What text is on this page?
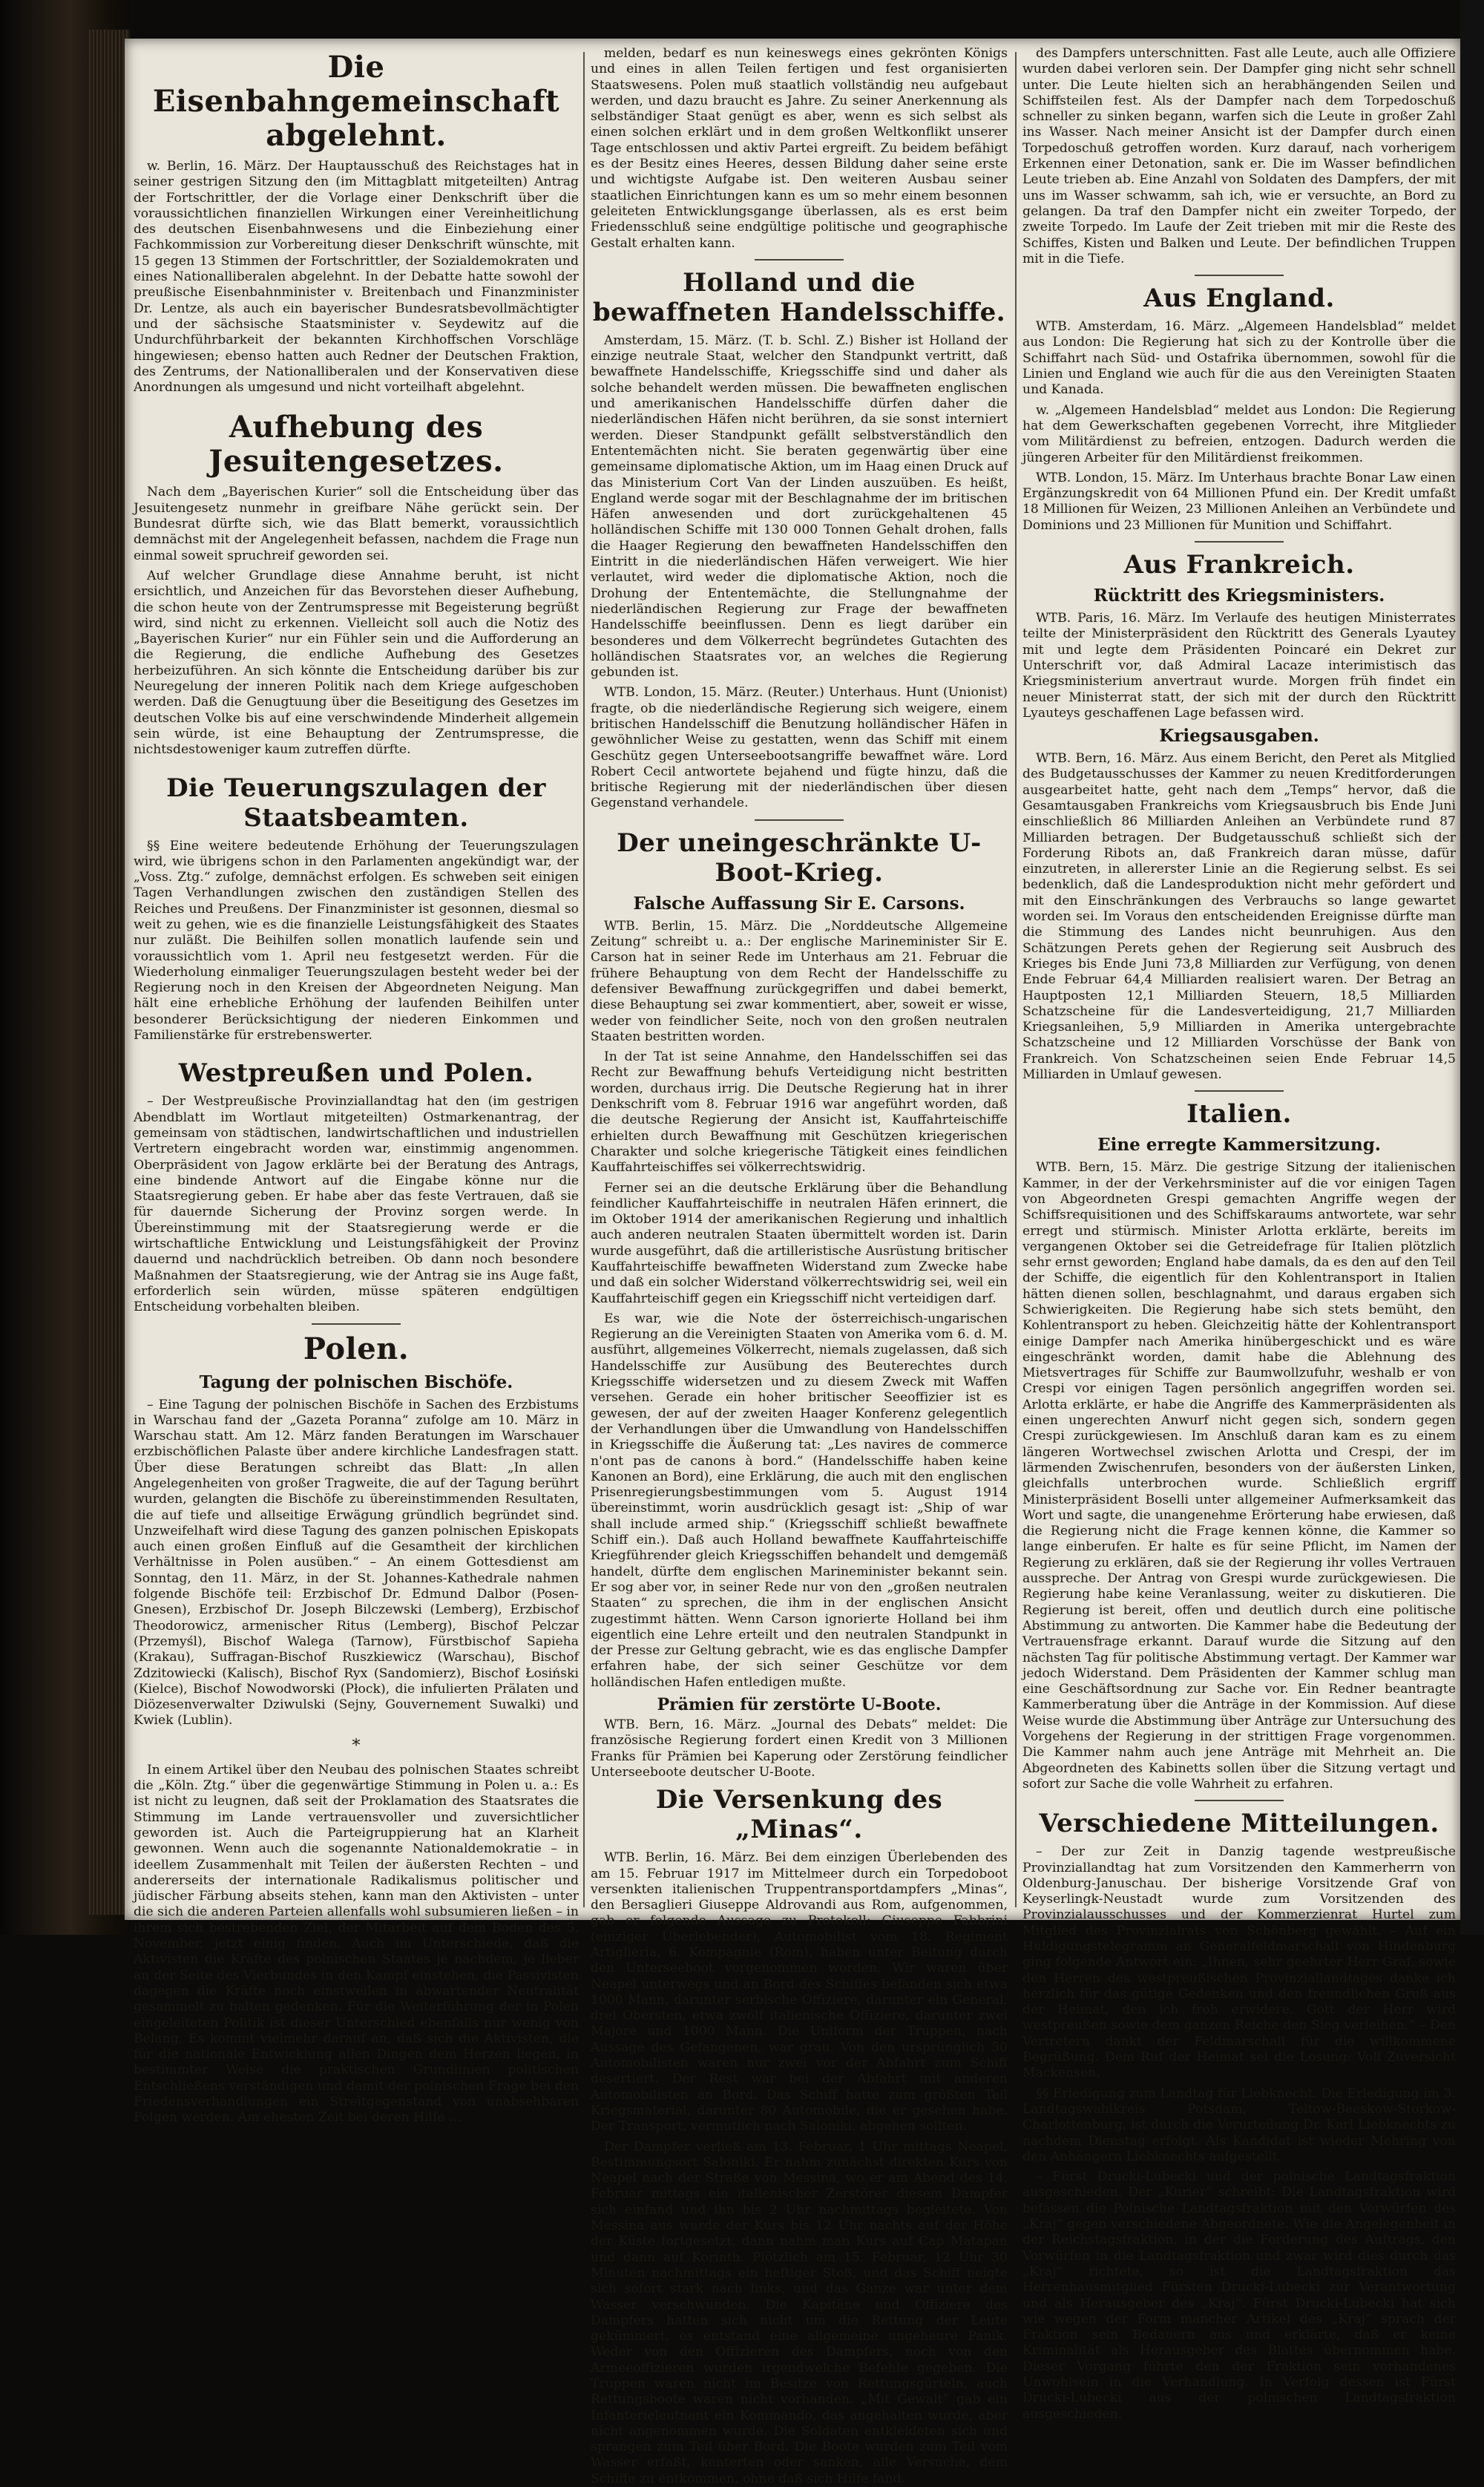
Die Eisenbahngemeinschaft abgelehnt.

w. Berlin, 16. März. Der Hauptausschuß des Reichstages hat in seiner gestrigen Sitzung den (im Mittagblatt mitgeteilten) Antrag der Fortschrittler, der die Vorlage einer Denkschrift über die voraussichtlichen finanziellen Wirkungen einer Vereinheitlichung des deutschen Eisenbahnwesens und die Einbeziehung einer Fachkommission zur Vorbereitung dieser Denkschrift wünschte, mit 15 gegen 13 Stimmen der Fortschrittler, der Sozialdemokraten und eines Nationalliberalen abgelehnt. In der Debatte hatte sowohl der preußische Eisenbahnminister v. Breitenbach und Finanzminister Dr. Lentze, als auch ein bayerischer Bundesratsbevollmächtigter und der sächsische Staatsminister v. Seydewitz auf die Undurchführbarkeit der bekannten Kirchhoffschen Vorschläge hingewiesen; ebenso hatten auch Redner der Deutschen Fraktion, des Zentrums, der Nationalliberalen und der Konservativen diese Anordnungen als umgesund und nicht vorteilhaft abgelehnt.

Aufhebung des Jesuitengesetzes.

Nach dem „Bayerischen Kurier“ soll die Entscheidung über das Jesuitengesetz nunmehr in greifbare Nähe gerückt sein. Der Bundesrat dürfte sich, wie das Blatt bemerkt, voraussichtlich demnächst mit der Angelegenheit befassen, nachdem die Frage nun einmal soweit spruchreif geworden sei.

Auf welcher Grundlage diese Annahme beruht, ist nicht ersichtlich, und Anzeichen für das Bevorstehen dieser Aufhebung, die schon heute von der Zentrumspresse mit Begeisterung begrüßt wird, sind nicht zu erkennen. Vielleicht soll auch die Notiz des „Bayerischen Kurier“ nur ein Fühler sein und die Aufforderung an die Regierung, die endliche Aufhebung des Gesetzes herbeizuführen. An sich könnte die Entscheidung darüber bis zur Neuregelung der inneren Politik nach dem Kriege aufgeschoben werden. Daß die Genugtuung über die Beseitigung des Gesetzes im deutschen Volke bis auf eine verschwindende Minderheit allgemein sein würde, ist eine Behauptung der Zentrumspresse, die nichtsdestoweniger kaum zutreffen dürfte.

Die Teuerungszulagen der Staatsbeamten.

§§ Eine weitere bedeutende Erhöhung der Teuerungszulagen wird, wie übrigens schon in den Parlamenten angekündigt war, der „Voss. Ztg.“ zufolge, demnächst erfolgen. Es schweben seit einigen Tagen Verhandlungen zwischen den zuständigen Stellen des Reiches und Preußens. Der Finanzminister ist gesonnen, diesmal so weit zu gehen, wie es die finanzielle Leistungsfähigkeit des Staates nur zuläßt. Die Beihilfen sollen monatlich laufende sein und voraussichtlich vom 1. April neu festgesetzt werden. Für die Wiederholung einmaliger Teuerungszulagen besteht weder bei der Regierung noch in den Kreisen der Abgeordneten Neigung. Man hält eine erhebliche Erhöhung der laufenden Beihilfen unter besonderer Berücksichtigung der niederen Einkommen und Familienstärke für erstrebenswerter.

Westpreußen und Polen.

– Der Westpreußische Provinziallandtag hat den (im gestrigen Abendblatt im Wortlaut mitgeteilten) Ostmarkenantrag, der gemeinsam von städtischen, landwirtschaftlichen und industriellen Vertretern eingebracht worden war, einstimmig angenommen. Oberpräsident von Jagow erklärte bei der Beratung des Antrags, eine bindende Antwort auf die Eingabe könne nur die Staatsregierung geben. Er habe aber das feste Vertrauen, daß sie für dauernde Sicherung der Provinz sorgen werde. In Übereinstimmung mit der Staatsregierung werde er die wirtschaftliche Entwicklung und Leistungsfähigkeit der Provinz dauernd und nachdrücklich betreiben. Ob dann noch besondere Maßnahmen der Staatsregierung, wie der Antrag sie ins Auge faßt, erforderlich sein würden, müsse späteren endgültigen Entscheidung vorbehalten bleiben.

Polen.
Tagung der polnischen Bischöfe.

– Eine Tagung der polnischen Bischöfe in Sachen des Erzbistums in Warschau fand der „Gazeta Poranna“ zufolge am 10. März in Warschau statt. Am 12. März fanden Beratungen im Warschauer erzbischöflichen Palaste über andere kirchliche Landesfragen statt. Über diese Beratungen schreibt das Blatt: „In allen Angelegenheiten von großer Tragweite, die auf der Tagung berührt wurden, gelangten die Bischöfe zu übereinstimmenden Resultaten, die auf tiefe und allseitige Erwägung gründlich begründet sind. Unzweifelhaft wird diese Tagung des ganzen polnischen Episkopats auch einen großen Einfluß auf die Gesamtheit der kirchlichen Verhältnisse in Polen ausüben.“ – An einem Gottesdienst am Sonntag, den 11. März, in der St. Johannes-Kathedrale nahmen folgende Bischöfe teil: Erzbischof Dr. Edmund Dalbor (Posen-Gnesen), Erzbischof Dr. Joseph Bilczewski (Lemberg), Erzbischof Theodorowicz, armenischer Ritus (Lemberg), Bischof Pelczar (Przemyśl), Bischof Walega (Tarnow), Fürstbischof Sapieha (Krakau), Suffragan-Bischof Ruszkiewicz (Warschau), Bischof Zdzitowiecki (Kalisch), Bischof Ryx (Sandomierz), Bischof Łosiński (Kielce), Bischof Nowodworski (Płock), die infulierten Prälaten und Diözesenverwalter Dziwulski (Sejny, Gouvernement Suwalki) und Kwiek (Lublin).

*

In einem Artikel über den Neubau des polnischen Staates schreibt die „Köln. Ztg.“ über die gegenwärtige Stimmung in Polen u. a.: Es ist nicht zu leugnen, daß seit der Proklamation des Staatsrates die Stimmung im Lande vertrauensvoller und zuversichtlicher geworden ist. Auch die Parteigruppierung hat an Klarheit gewonnen. Wenn auch die sogenannte Nationaldemokratie – in ideellem Zusammenhalt mit Teilen der äußersten Rechten – und andererseits der internationale Radikalismus politischer und jüdischer Färbung abseits stehen, kann man den Aktivisten – unter die sich die anderen Parteien allenfalls wohl subsumieren ließen – in ihrem sich bestrebenden Ziel, der Mitarbeit auf dem Boden des 5. November, jetzt einig finden. Auch im Unterschiede, daß die Aktivisten die Kräfte des polnischen Staates je nachdem, je lieber an der Seite des Vierbundes in den Kampf einstehen, die Passivisten dagegen die Kräfte noch einstweilen in abwartender Neutralität gesammelt zu halten gedenken. Für die Weiterführung der in Polen eingeleiteten Politik ist dieser Unterschied ebenfalls nur wenig von Belang. Es kommt vielmehr darauf an, daß sich die Aktivisten, die für die nationale Entwicklung allen Dingen dem Herzen liegen, in bestimmter Weise die praktischen Grundlinien politischen Entschließens verständigen und damit der polnischen Frage bei den Friedensverhandlungen ein Streitgegenstand von unabsehbaren Folgen werden. Am ehesten Zeit bei deren Hilfe ...

melden, bedarf es nun keineswegs eines gekrönten Königs und eines in allen Teilen fertigen und fest organisierten Staatswesens. Polen muß staatlich vollständig neu aufgebaut werden, und dazu braucht es Jahre. Zu seiner Anerkennung als selbständiger Staat genügt es aber, wenn es sich selbst als einen solchen erklärt und in dem großen Weltkonflikt unserer Tage entschlossen und aktiv Partei ergreift. Zu beidem befähigt es der Besitz eines Heeres, dessen Bildung daher seine erste und wichtigste Aufgabe ist. Den weiteren Ausbau seiner staatlichen Einrichtungen kann es um so mehr einem besonnen geleiteten Entwicklungsgange überlassen, als es erst beim Friedensschluß seine endgültige politische und geographische Gestalt erhalten kann.

Holland und die bewaffneten Handelsschiffe.

Amsterdam, 15. März. (T. b. Schl. Z.) Bisher ist Holland der einzige neutrale Staat, welcher den Standpunkt vertritt, daß bewaffnete Handelsschiffe, Kriegsschiffe sind und daher als solche behandelt werden müssen. Die bewaffneten englischen und amerikanischen Handelsschiffe dürfen daher die niederländischen Häfen nicht berühren, da sie sonst interniert werden. Dieser Standpunkt gefällt selbstverständlich den Ententemächten nicht. Sie beraten gegenwärtig über eine gemeinsame diplomatische Aktion, um im Haag einen Druck auf das Ministerium Cort Van der Linden auszuüben. Es heißt, England werde sogar mit der Beschlagnahme der im britischen Häfen anwesenden und dort zurückgehaltenen 45 holländischen Schiffe mit 130 000 Tonnen Gehalt drohen, falls die Haager Regierung den bewaffneten Handelsschiffen den Eintritt in die niederländischen Häfen verweigert. Wie hier verlautet, wird weder die diplomatische Aktion, noch die Drohung der Ententemächte, die Stellungnahme der niederländischen Regierung zur Frage der bewaffneten Handelsschiffe beeinflussen. Denn es liegt darüber ein besonderes und dem Völkerrecht begründetes Gutachten des holländischen Staatsrates vor, an welches die Regierung gebunden ist.

WTB. London, 15. März. (Reuter.) Unterhaus. Hunt (Unionist) fragte, ob die niederländische Regierung sich weigere, einem britischen Handelsschiff die Benutzung holländischer Häfen in gewöhnlicher Weise zu gestatten, wenn das Schiff mit einem Geschütz gegen Unterseebootsangriffe bewaffnet wäre. Lord Robert Cecil antwortete bejahend und fügte hinzu, daß die britische Regierung mit der niederländischen über diesen Gegenstand verhandele.

Der uneingeschränkte U-Boot-Krieg.
Falsche Auffassung Sir E. Carsons.

WTB. Berlin, 15. März. Die „Norddeutsche Allgemeine Zeitung“ schreibt u. a.: Der englische Marineminister Sir E. Carson hat in seiner Rede im Unterhaus am 21. Februar die frühere Behauptung von dem Recht der Handelsschiffe zu defensiver Bewaffnung zurückgegriffen und dabei bemerkt, diese Behauptung sei zwar kommentiert, aber, soweit er wisse, weder von feindlicher Seite, noch von den großen neutralen Staaten bestritten worden.

In der Tat ist seine Annahme, den Handelsschiffen sei das Recht zur Bewaffnung behufs Verteidigung nicht bestritten worden, durchaus irrig. Die Deutsche Regierung hat in ihrer Denkschrift vom 8. Februar 1916 war angeführt worden, daß die deutsche Regierung der Ansicht ist, Kauffahrteischiffe erhielten durch Bewaffnung mit Geschützen kriegerischen Charakter und solche kriegerische Tätigkeit eines feindlichen Kauffahrteischiffes sei völkerrechtswidrig.

Ferner sei an die deutsche Erklärung über die Behandlung feindlicher Kauffahrteischiffe in neutralen Häfen erinnert, die im Oktober 1914 der amerikanischen Regierung und inhaltlich auch anderen neutralen Staaten übermittelt worden ist. Darin wurde ausgeführt, daß die artilleristische Ausrüstung britischer Kauffahrteischiffe bewaffneten Widerstand zum Zwecke habe und daß ein solcher Widerstand völkerrechtswidrig sei, weil ein Kauffahrteischiff gegen ein Kriegsschiff nicht verteidigen darf.

Es war, wie die Note der österreichisch-ungarischen Regierung an die Vereinigten Staaten von Amerika vom 6. d. M. ausführt, allgemeines Völkerrecht, niemals zugelassen, daß sich Handelsschiffe zur Ausübung des Beuterechtes durch Kriegsschiffe widersetzen und zu diesem Zweck mit Waffen versehen. Gerade ein hoher britischer Seeoffizier ist es gewesen, der auf der zweiten Haager Konferenz gelegentlich der Verhandlungen über die Umwandlung von Handelsschiffen in Kriegsschiffe die Äußerung tat: „Les navires de commerce n'ont pas de canons à bord.“ (Handelsschiffe haben keine Kanonen an Bord), eine Erklärung, die auch mit den englischen Prisenregierungsbestimmungen vom 5. August 1914 übereinstimmt, worin ausdrücklich gesagt ist: „Ship of war shall include armed ship.“ (Kriegsschiff schließt bewaffnete Schiff ein.). Daß auch Holland bewaffnete Kauffahrteischiffe Kriegführender gleich Kriegsschiffen behandelt und demgemäß handelt, dürfte dem englischen Marineminister bekannt sein. Er sog aber vor, in seiner Rede nur von den „großen neutralen Staaten“ zu sprechen, die ihm in der englischen Ansicht zugestimmt hätten. Wenn Carson ignorierte Holland bei ihm eigentlich eine Lehre erteilt und den neutralen Standpunkt in der Presse zur Geltung gebracht, wie es das englische Dampfer erfahren habe, der sich seiner Geschütze vor dem holländischen Hafen entledigen mußte.

Prämien für zerstörte U-Boote.

WTB. Bern, 16. März. „Journal des Debats“ meldet: Die französische Regierung fordert einen Kredit von 3 Millionen Franks für Prämien bei Kaperung oder Zerstörung feindlicher Unterseeboote deutscher U-Boote.

Die Versenkung des „Minas“.

WTB. Berlin, 16. März. Bei dem einzigen Überlebenden des am 15. Februar 1917 im Mittelmeer durch ein Torpedoboot versenkten italienischen Truppentransportdampfers „Minas“, den Bersaglieri Giuseppe Aldrovandi aus Rom, aufgenommen, gab er folgende Aussage zu Protokoll: Giuseppe Fabbrini (einziger Überlebender), Automobilist vom 18. Regiment Artiglieria, 6. Kompagnie (Rom), haben unter Beitung durch den Unterseeboot vorgenommen worden. Wir waren über Neapel unterwegs und an Bord des Schiffes befanden sich etwa 1000 Mann, darunter serbische Offiziere, darunter ein General, drei Obersten, etwa zwölf italienische Offiziere, darunter zwei Majore und 1000 Mann. Die Uniform der Truppen, nach Aussage des Gefangenen, war grau. Von den ursprünglich 50 Automobilisten waren nur zwei vor der Abfahrt zum Schiff desertiert. Der Rest war bei der Abfahrt mit anderen Automobilisten an Bord. Das Schiff hatte zum größten Teil Kriegsmaterial, darunter 80 Automobile, die er gesehen habe. Der Transport, vermutlich nach Saloniki, abgehen sollten.

Der Dampfer verließ am 13. Februar, 1 Uhr mittags Neapel, Bestimmungsort Saloniki. Er nahm zunächst direkten Kurs von Neapel nach der Straße von Messina, wo er am Abend des 14. Februar mittags ein italienischer Zerstörer diesem Dampfer sich einfand und ihn bis 2 Uhr nachmittags begleitete. Von Messina aus wurde der Kurs bis 12 Uhr nachts auf der Höhe der Küste fortgesetzt, dann nahm man Kurs auf Cap Matapan und dann auf Korinth. Plötzlich am 15. Februar, 12 Uhr 30 Minuten nachmittags ein heftiger Stoß, und das Schiff neigte sich sofort stark nach links, und das Ganze war unter dem Wasser verschwunden. Die Kapitäne und Offiziere des Dampfers hatten sich nicht um die Rettung der Leute gekümmert, es entstand eine allgemeine ungeheure Panik. Weder von den Offizieren des Dampfers, noch von den Armeeoffizieren wurden irgendwelche Befehle gegeben. Die Truppen waren nicht im Besitze von Rettungsgürteln, auch Rettungsboote waren nicht vorhanden. „Mit Gewalt“ gab ein Infanterieleutnant ein Kommando, das angehalten wurde, aber nicht angenommen wurde. Die Soldaten entkleideten sich und sprangen zum Teil über Bord. Die Boote wurden zum Teil vom Wasser erfaßt, kenterten oder sanken, alle Versuche, dem Schiffe zu entkommen, ohne daß sich Hilfe fand.

des Dampfers unterschnitten. Fast alle Leute, auch alle Offiziere wurden dabei verloren sein. Der Dampfer ging nicht sehr schnell unter. Die Leute hielten sich an herabhängenden Seilen und Schiffsteilen fest. Als der Dampfer nach dem Torpedoschuß schneller zu sinken begann, warfen sich die Leute in großer Zahl ins Wasser. Nach meiner Ansicht ist der Dampfer durch einen Torpedoschuß getroffen worden. Kurz darauf, nach vorherigem Erkennen einer Detonation, sank er. Die im Wasser befindlichen Leute trieben ab. Eine Anzahl von Soldaten des Dampfers, der mit uns im Wasser schwamm, sah ich, wie er versuchte, an Bord zu gelangen. Da traf den Dampfer nicht ein zweiter Torpedo, der zweite Torpedo. Im Laufe der Zeit trieben mit mir die Reste des Schiffes, Kisten und Balken und Leute. Der befindlichen Truppen mit in die Tiefe.

Aus England.

WTB. Amsterdam, 16. März. „Algemeen Handelsblad“ meldet aus London: Die Regierung hat sich zu der Kontrolle über die Schiffahrt nach Süd- und Ostafrika übernommen, sowohl für die Linien und England wie auch für die aus den Vereinigten Staaten und Kanada.

w. „Algemeen Handelsblad“ meldet aus London: Die Regierung hat dem Gewerkschaften gegebenen Vorrecht, ihre Mitglieder vom Militärdienst zu befreien, entzogen. Dadurch werden die jüngeren Arbeiter für den Militärdienst freikommen.

WTB. London, 15. März. Im Unterhaus brachte Bonar Law einen Ergänzungskredit von 64 Millionen Pfund ein. Der Kredit umfaßt 18 Millionen für Weizen, 23 Millionen Anleihen an Verbündete und Dominions und 23 Millionen für Munition und Schiffahrt.

Aus Frankreich.
Rücktritt des Kriegsministers.

WTB. Paris, 16. März. Im Verlaufe des heutigen Ministerrates teilte der Ministerpräsident den Rücktritt des Generals Lyautey mit und legte dem Präsidenten Poincaré ein Dekret zur Unterschrift vor, daß Admiral Lacaze interimistisch das Kriegsministerium anvertraut wurde. Morgen früh findet ein neuer Ministerrat statt, der sich mit der durch den Rücktritt Lyauteys geschaffenen Lage befassen wird.

Kriegsausgaben.

WTB. Bern, 16. März. Aus einem Bericht, den Peret als Mitglied des Budgetausschusses der Kammer zu neuen Kreditforderungen ausgearbeitet hatte, geht nach dem „Temps“ hervor, daß die Gesamtausgaben Frankreichs vom Kriegsausbruch bis Ende Juni einschließlich 86 Milliarden Anleihen an Verbündete rund 87 Milliarden betragen. Der Budgetausschuß schließt sich der Forderung Ribots an, daß Frankreich daran müsse, dafür einzutreten, in allererster Linie an die Regierung selbst. Es sei bedenklich, daß die Landesproduktion nicht mehr gefördert und mit den Einschränkungen des Verbrauchs so lange gewartet worden sei. Im Voraus den entscheidenden Ereignisse dürfte man die Stimmung des Landes nicht beunruhigen. Aus den Schätzungen Perets gehen der Regierung seit Ausbruch des Krieges bis Ende Juni 73,8 Milliarden zur Verfügung, von denen Ende Februar 64,4 Milliarden realisiert waren. Der Betrag an Hauptposten 12,1 Milliarden Steuern, 18,5 Milliarden Schatzscheine für die Landesverteidigung, 21,7 Milliarden Kriegsanleihen, 5,9 Milliarden in Amerika untergebrachte Schatzscheine und 12 Milliarden Vorschüsse der Bank von Frankreich. Von Schatzscheinen seien Ende Februar 14,5 Milliarden in Umlauf gewesen.

Italien.
Eine erregte Kammersitzung.

WTB. Bern, 15. März. Die gestrige Sitzung der italienischen Kammer, in der der Verkehrsminister auf die vor einigen Tagen von Abgeordneten Grespi gemachten Angriffe wegen der Schiffsrequisitionen und des Schiffskaraums antwortete, war sehr erregt und stürmisch. Minister Arlotta erklärte, bereits im vergangenen Oktober sei die Getreidefrage für Italien plötzlich sehr ernst geworden; England habe damals, da es den auf den Teil der Schiffe, die eigentlich für den Kohlentransport in Italien hätten dienen sollen, beschlagnahmt, und daraus ergaben sich Schwierigkeiten. Die Regierung habe sich stets bemüht, den Kohlentransport zu heben. Gleichzeitig hätte der Kohlentransport einige Dampfer nach Amerika hinübergeschickt und es wäre eingeschränkt worden, damit habe die Ablehnung des Mietsvertrages für Schiffe zur Baumwollzufuhr, weshalb er von Crespi vor einigen Tagen persönlich angegriffen worden sei. Arlotta erklärte, er habe die Angriffe des Kammerpräsidenten als einen ungerechten Anwurf nicht gegen sich, sondern gegen Crespi zurückgewiesen. Im Anschluß daran kam es zu einem längeren Wortwechsel zwischen Arlotta und Crespi, der im lärmenden Zwischenrufen, besonders von der äußersten Linken, gleichfalls unterbrochen wurde. Schließlich ergriff Ministerpräsident Boselli unter allgemeiner Aufmerksamkeit das Wort und sagte, die unangenehme Erörterung habe erwiesen, daß die Regierung nicht die Frage kennen könne, die Kammer so lange einberufen. Er halte es für seine Pflicht, im Namen der Regierung zu erklären, daß sie der Regierung ihr volles Vertrauen ausspreche. Der Antrag von Grespi wurde zurückgewiesen. Die Regierung habe keine Veranlassung, weiter zu diskutieren. Die Regierung ist bereit, offen und deutlich durch eine politische Abstimmung zu antworten. Die Kammer habe die Bedeutung der Vertrauensfrage erkannt. Darauf wurde die Sitzung auf den nächsten Tag für politische Abstimmung vertagt. Der Kammer war jedoch Widerstand. Dem Präsidenten der Kammer schlug man eine Geschäftsordnung zur Sache vor. Ein Redner beantragte Kammerberatung über die Anträge in der Kommission. Auf diese Weise wurde die Abstimmung über Anträge zur Untersuchung des Vorgehens der Regierung in der strittigen Frage vorgenommen. Die Kammer nahm auch jene Anträge mit Mehrheit an. Die Abgeordneten des Kabinetts sollen über die Sitzung vertagt und sofort zur Sache die volle Wahrheit zu erfahren.

Verschiedene Mitteilungen.

– Der zur Zeit in Danzig tagende westpreußische Provinziallandtag hat zum Vorsitzenden den Kammerherrn von Oldenburg-Januschau. Der bisherige Vorsitzende Graf von Keyserlingk-Neustadt wurde zum Vorsitzenden des Provinzialausschusses und der Kommerzienrat Hurtel zum Mitglied des Provinzialrats von Schönberg gewählt. – Auf ein Huldigungstelegramm an Generalfeldmarschall von Hindenburg ging folgende Antwort ein: „Ihnen, sehr geehrter Herr Graf, sowie den Herren des westpreußischen Provinziallandtages danke ich herzlich für das gütige Gedenken und den freundlichen Gruß aus der Heimat, den ich froh erwidere. Gott der Herr wird westpreußen sowie dem ganzen Reiche den Sieg verleihen.“ – Den Vertretern dankt der Feldmarschall für die willkommene Begrüßung. Dem Ruf der Heimat sei die Losung: Voll Zuversicht Mackensen.

§§ Erledigung zum Landtag für Liebknecht. Die Erledigung im 3. Landtagswahlkreis Potsdam, Teltow-Beeskow-Storkow-Charlottenburg, ist durch die Verurteilung Dr. Karl Liebknechts zu nachdem Dienstag erfolgt. Als Kandidat ist wieder Mehring von den Anhängern Liebknechts aufgestellt.

– Fürst Drucki-Lubecki und der polnische Landtagsfraktion ausgeschieden. Der „Kurier“ schreibt: Die Landtagsfraktion wird befassen die Polnische Landtagsfraktion mit den Vorwürfen des „Kraj“ gegen verschiedene Abgeordnete. Wie die Angelegenheit in der Reichstagsfraktion, in der die Forderung des Auftrags, den Vorwürfen in die Landtagsfraktion und zwar wird dies durch das „Kraj“ richtete, so ist die Landtagsfraktion das Herrenhausmitglied Fürsten Drucki-Lubecki zur Verantwortung und als Herausgeber des „Kraj“. Fürst Drucki-Lubecki hat sich wie wegen der Form mancher Artikel des „Kraj“ sprach der Fraktion sein Bedauern aus und erklärte, daß er keine Kriminalität als Herausgeber des Blattes übernommen habe. Dieser Vorgang führte den der Fraktion sein vorhandenes Unwohlsein in die Verhandlung. In Verfolg dessen ist Fürst Drucki-Lubecki aus der polnischen Landtagsfraktion ausgeschieden.
